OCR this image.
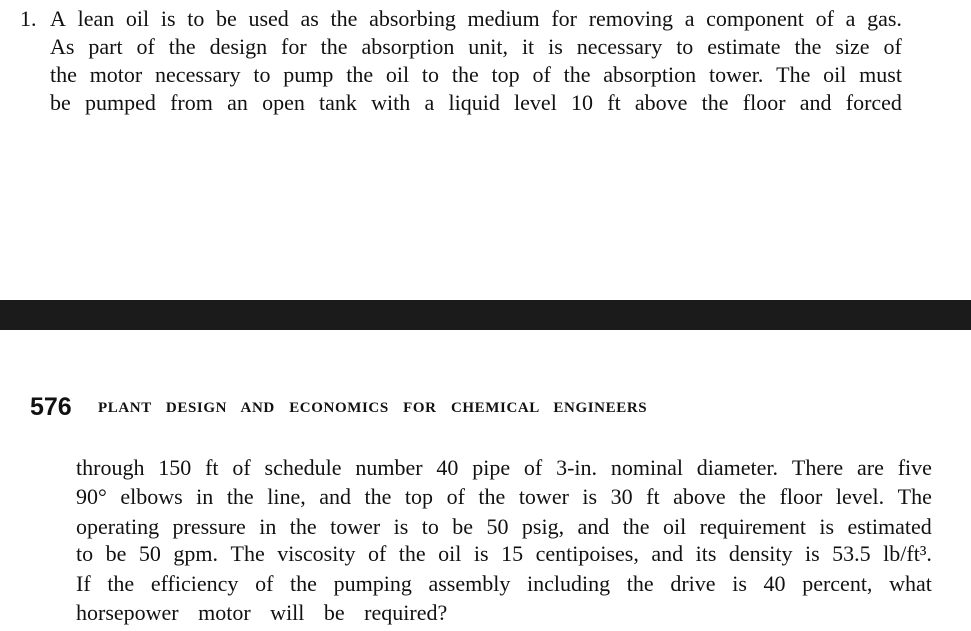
1. A lean oil is to be used as the absorbing medium for removing a component of a gas.
As part of the design for the absorption unit, it is necessary to estimate the size of
the motor necessary to pump the oil to the top of the absorption tower. The oil must
be pumped from an open tank with a liquid level 10 ft above the floor and forced
576 PLANT DESIGN AND ECONOMICS FOR CHEMICAL ENGINEERS
through 150 ft of schedule number 40 pipe of 3-in. nominal diameter. There are five
90° elbows in the line, and the top of the tower is 30 ft above the floor level. The
operating pressure in the tower is to be 50 psig, and the oil requirement is estimated
to be 50 gpm. The viscosity of the oil is 15 centipoises, and its density is 53.5 lb/ft³.
If the efficiency of the pumping assembly including the drive is 40 percent, what
horsepower motor will be required?
